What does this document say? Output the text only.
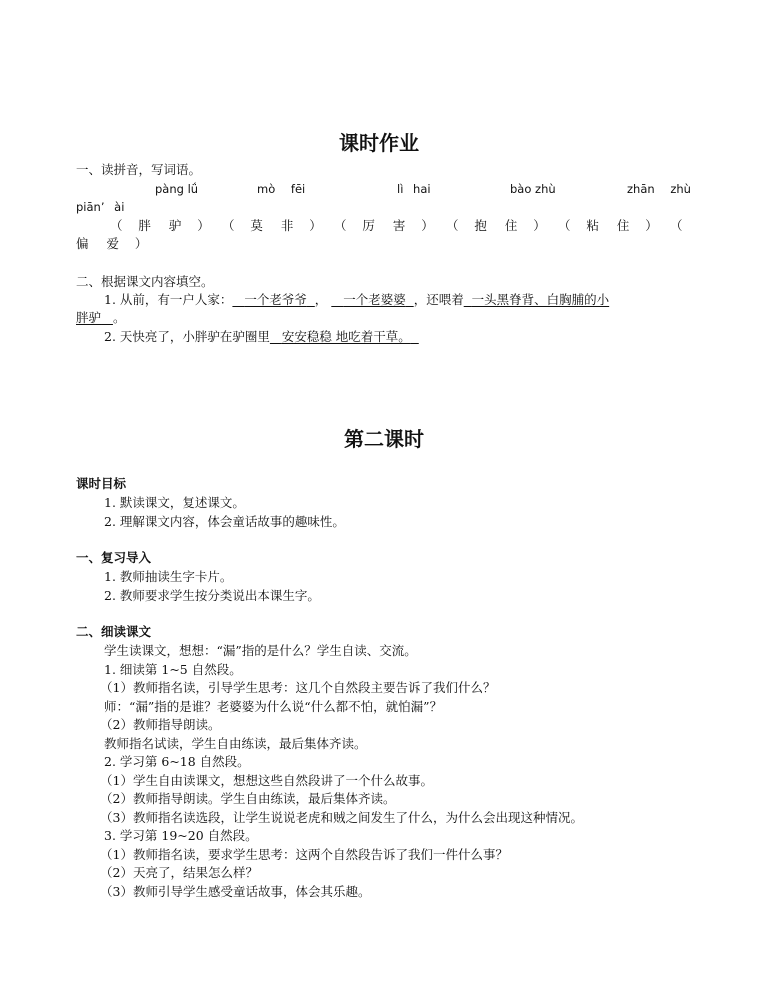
课时作业
一、读拼音，写词语。
pàng lǘ	mò fēi	lì hai	bào zhù	zhān zhù
piān’ ài
（    胖 驴    ） （    莫 非    ） （    厉 害    ） （    抱 住    ） （    粘 住    ） （
偏 爱    ）
二、根据课文内容填空。
1. 从前，有一户人家： 一个老爷爷 ， 一个老婆婆 ，还喂着 一头黑脊背、白胸脯的小
胖驴 。
2. 天快亮了，小胖驴在驴圈里 安安稳稳 地吃着干草。
第二课时
课时目标
1. 默读课文，复述课文。
2. 理解课文内容，体会童话故事的趣味性。
一、复习导入
1. 教师抽读生字卡片。
2. 教师要求学生按分类说出本课生字。
二、细读课文
学生读课文，想想：“漏”指的是什么？学生自读、交流。
1. 细读第 1~5 自然段。
（1）教师指名读，引导学生思考：这几个自然段主要告诉了我们什么？
师：“漏”指的是谁？老婆婆为什么说“什么都不怕，就怕漏”？
（2）教师指导朗读。
教师指名试读，学生自由练读，最后集体齐读。
2. 学习第 6~18 自然段。
（1）学生自由读课文，想想这些自然段讲了一个什么故事。
（2）教师指导朗读。学生自由练读，最后集体齐读。
（3）教师指名读选段，让学生说说老虎和贼之间发生了什么，为什么会出现这种情况。
3. 学习第 19~20 自然段。
（1）教师指名读，要求学生思考：这两个自然段告诉了我们一件什么事？
（2）天亮了，结果怎么样？
（3）教师引导学生感受童话故事，体会其乐趣。
